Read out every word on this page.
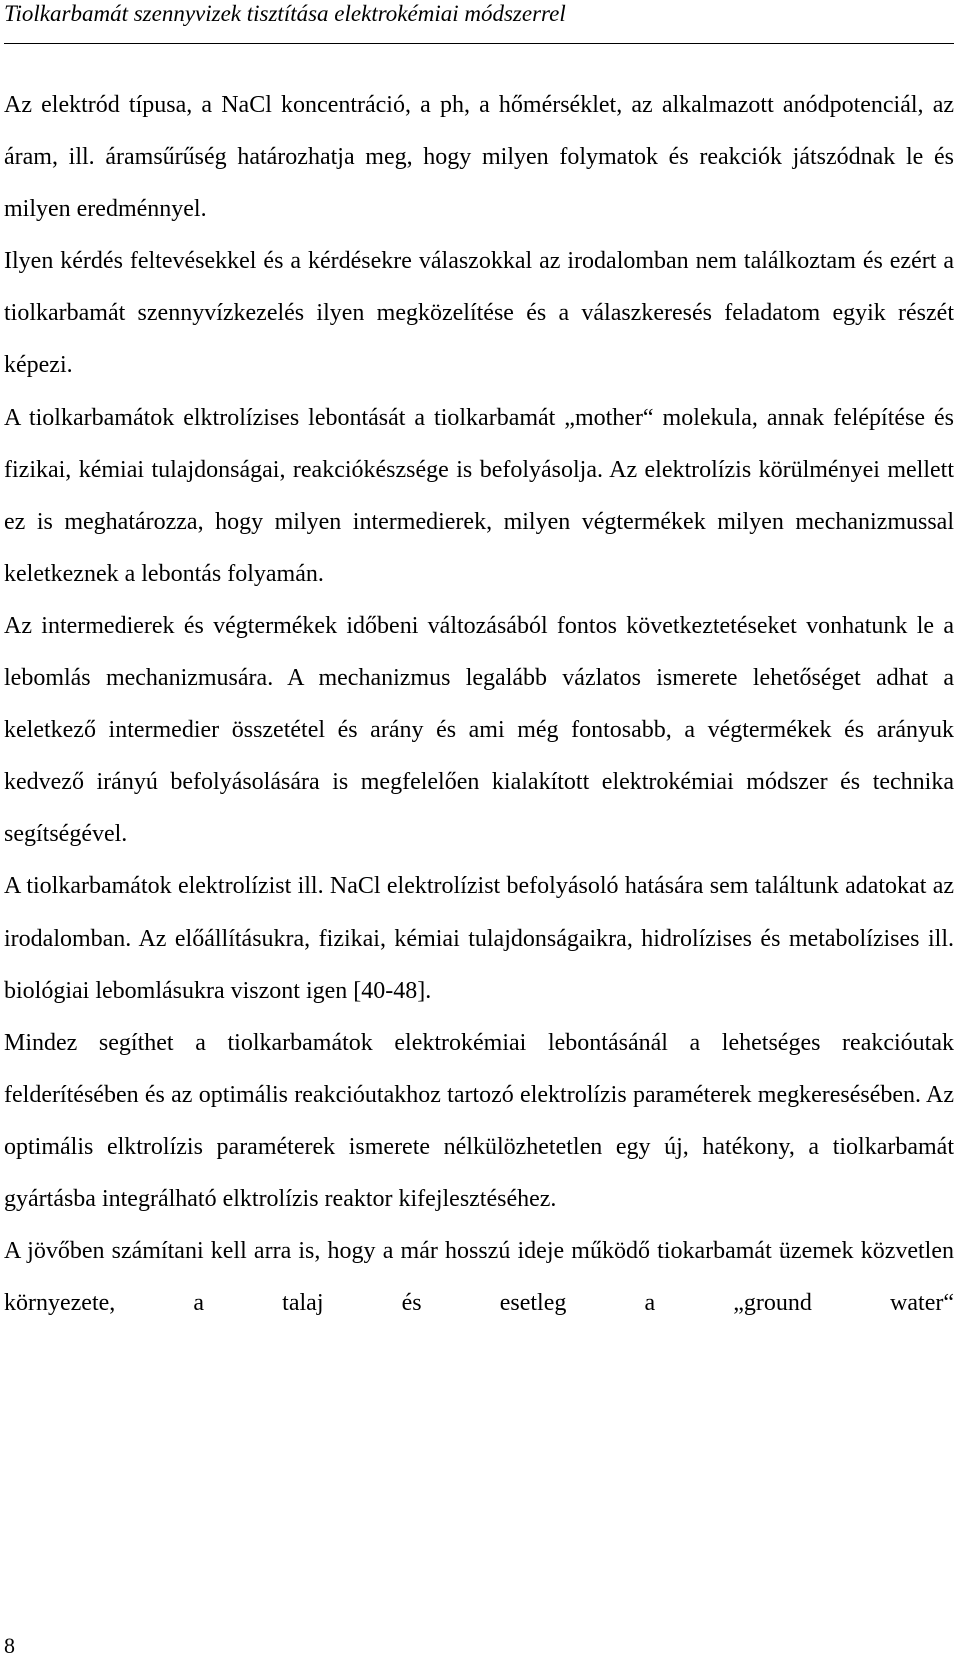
Tiolkarbamát szennyvizek tisztítása elektrokémiai módszerrel

Az elektród típusa, a NaCl koncentráció, a ph, a hőmérséklet, az alkalmazott anódpotenciál, az áram, ill. áramsűrűség határozhatja meg, hogy milyen folymatok és reakciók játszódnak le és milyen eredménnyel.

Ilyen kérdés feltevésekkel és a kérdésekre válaszokkal az irodalomban nem találkoztam és ezért a tiolkarbamát szennyvízkezelés ilyen megközelítése és a válaszkeresés feladatom egyik részét képezi.

A tiolkarbamátok elktrolízises lebontását a tiolkarbamát „mother“ molekula, annak felépítése és fizikai, kémiai tulajdonságai, reakciókészsége is befolyásolja. Az elektrolízis körülményei mellett ez is meghatározza, hogy milyen intermedierek, milyen végtermékek milyen mechanizmussal keletkeznek a lebontás folyamán.

Az intermedierek és végtermékek időbeni változásából fontos következtetéseket vonhatunk le a lebomlás mechanizmusára. A mechanizmus legalább vázlatos ismerete lehetőséget adhat a keletkező intermedier összetétel és arány és ami még fontosabb, a végtermékek és arányuk kedvező irányú befolyásolására is megfelelően kialakított elektrokémiai módszer és technika segítségével.

A tiolkarbamátok elektrolízist ill. NaCl elektrolízist befolyásoló hatására sem találtunk adatokat az irodalomban. Az előállításukra, fizikai, kémiai tulajdonságaikra, hidrolízises és metabolízises ill. biológiai lebomlásukra viszont igen [40-48].

Mindez segíthet a tiolkarbamátok elektrokémiai lebontásánál a lehetséges reakcióutak felderítésében és az optimális reakcióutakhoz tartozó elektrolízis paraméterek megkeresésében. Az optimális elktrolízis paraméterek ismerete nélkülözhetetlen egy új, hatékony, a tiolkarbamát gyártásba integrálható elktrolízis reaktor kifejlesztéséhez.

A jövőben számítani kell arra is, hogy a már hosszú ideje működő tiokarbamát üzemek közvetlen környezete, a talaj és esetleg a „ground water“

8
